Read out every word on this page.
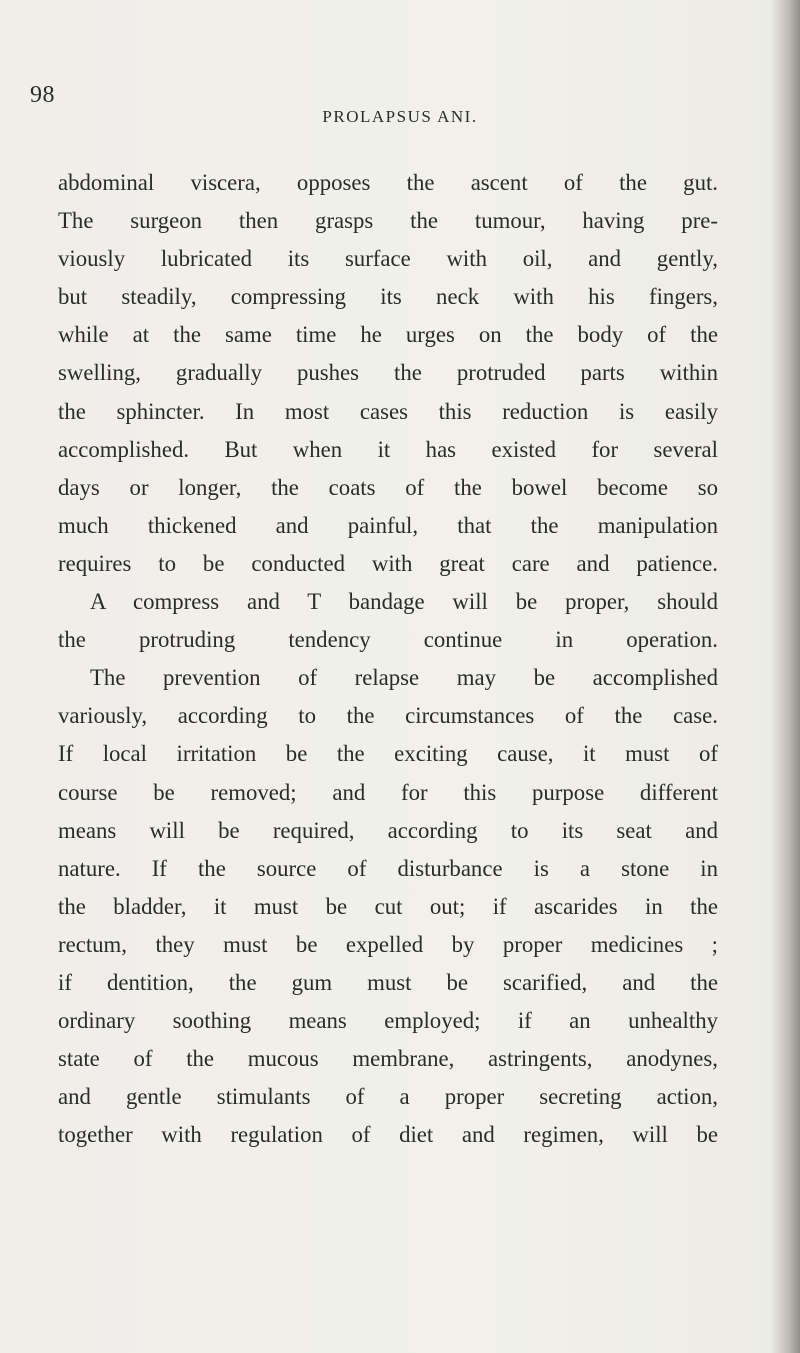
98
PROLAPSUS ANI.
abdominal viscera, opposes the ascent of the gut.
The surgeon then grasps the tumour, having pre-
viously lubricated its surface with oil, and gently,
but steadily, compressing its neck with his fingers,
while at the same time he urges on the body of the
swelling, gradually pushes the protruded parts within
the sphincter. In most cases this reduction is easily
accomplished. But when it has existed for several
days or longer, the coats of the bowel become so
much thickened and painful, that the manipulation
requires to be conducted with great care and patience.
A compress and T bandage will be proper, should
the protruding tendency continue in operation.
The prevention of relapse may be accomplished
variously, according to the circumstances of the case.
If local irritation be the exciting cause, it must of
course be removed; and for this purpose different
means will be required, according to its seat and
nature. If the source of disturbance is a stone in
the bladder, it must be cut out; if ascarides in the
rectum, they must be expelled by proper medicines ;
if dentition, the gum must be scarified, and the
ordinary soothing means employed; if an unhealthy
state of the mucous membrane, astringents, anodynes,
and gentle stimulants of a proper secreting action,
together with regulation of diet and regimen, will be
